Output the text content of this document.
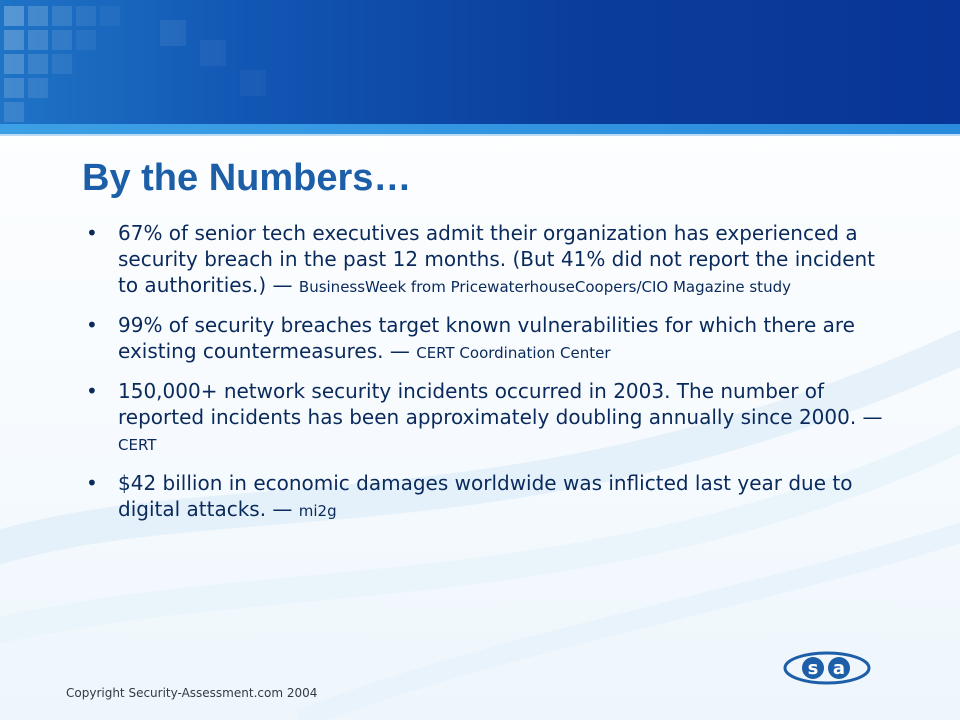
By the Numbers…
• 67% of senior tech executives admit their organization has experienced a security breach in the past 12 months. (But 41% did not report the incident to authorities.) — BusinessWeek from PricewaterhouseCoopers/CIO Magazine study
• 99% of security breaches target known vulnerabilities for which there are existing countermeasures. — CERT Coordination Center
• 150,000+ network security incidents occurred in 2003. The number of reported incidents has been approximately doubling annually since 2000. — CERT
• $42 billion in economic damages worldwide was inflicted last year due to digital attacks. — mi2g
Copyright Security-Assessment.com 2004
s a
